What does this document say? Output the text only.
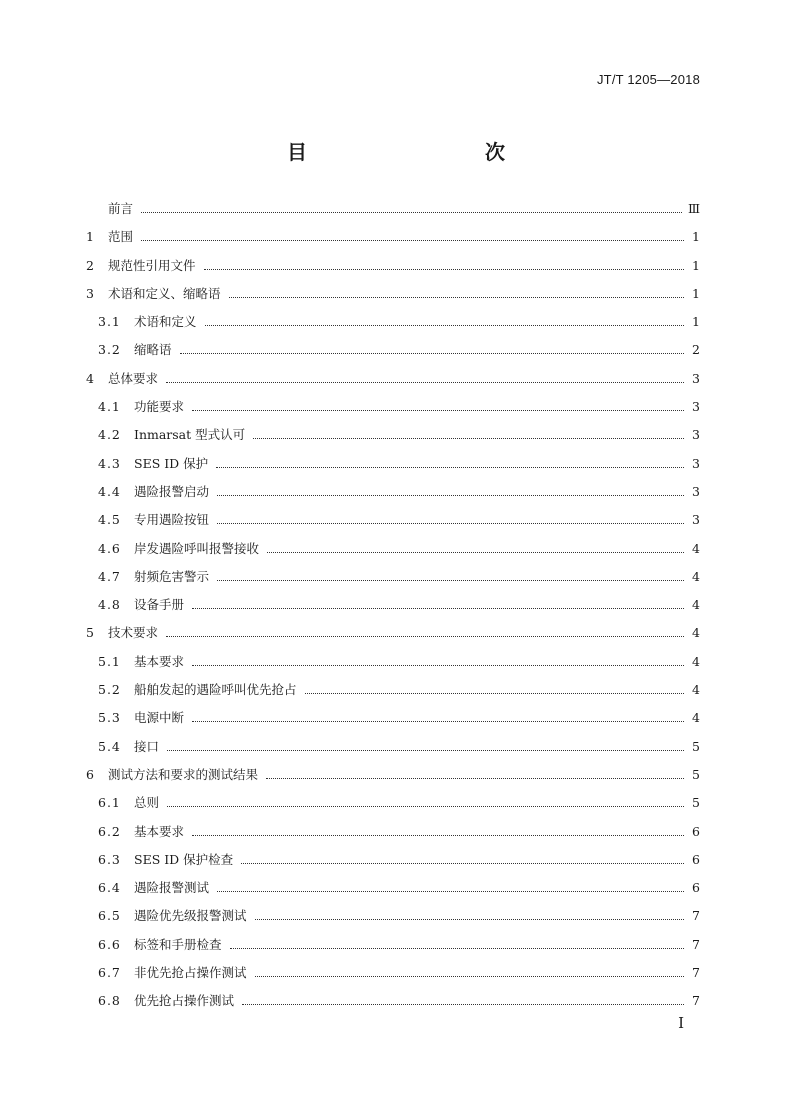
JT/T 1205—2018
目　　次
前言	Ⅲ
1	范围	1
2	规范性引用文件	1
3	术语和定义、缩略语	1
3.1	术语和定义	1
3.2	缩略语	2
4	总体要求	3
4.1	功能要求	3
4.2	Inmarsat 型式认可	3
4.3	SES ID 保护	3
4.4	遇险报警启动	3
4.5	专用遇险按钮	3
4.6	岸发遇险呼叫报警接收	4
4.7	射频危害警示	4
4.8	设备手册	4
5	技术要求	4
5.1	基本要求	4
5.2	船舶发起的遇险呼叫优先抢占	4
5.3	电源中断	4
5.4	接口	5
6	测试方法和要求的测试结果	5
6.1	总则	5
6.2	基本要求	6
6.3	SES ID 保护检查	6
6.4	遇险报警测试	6
6.5	遇险优先级报警测试	7
6.6	标签和手册检查	7
6.7	非优先抢占操作测试	7
6.8	优先抢占操作测试	7
I
